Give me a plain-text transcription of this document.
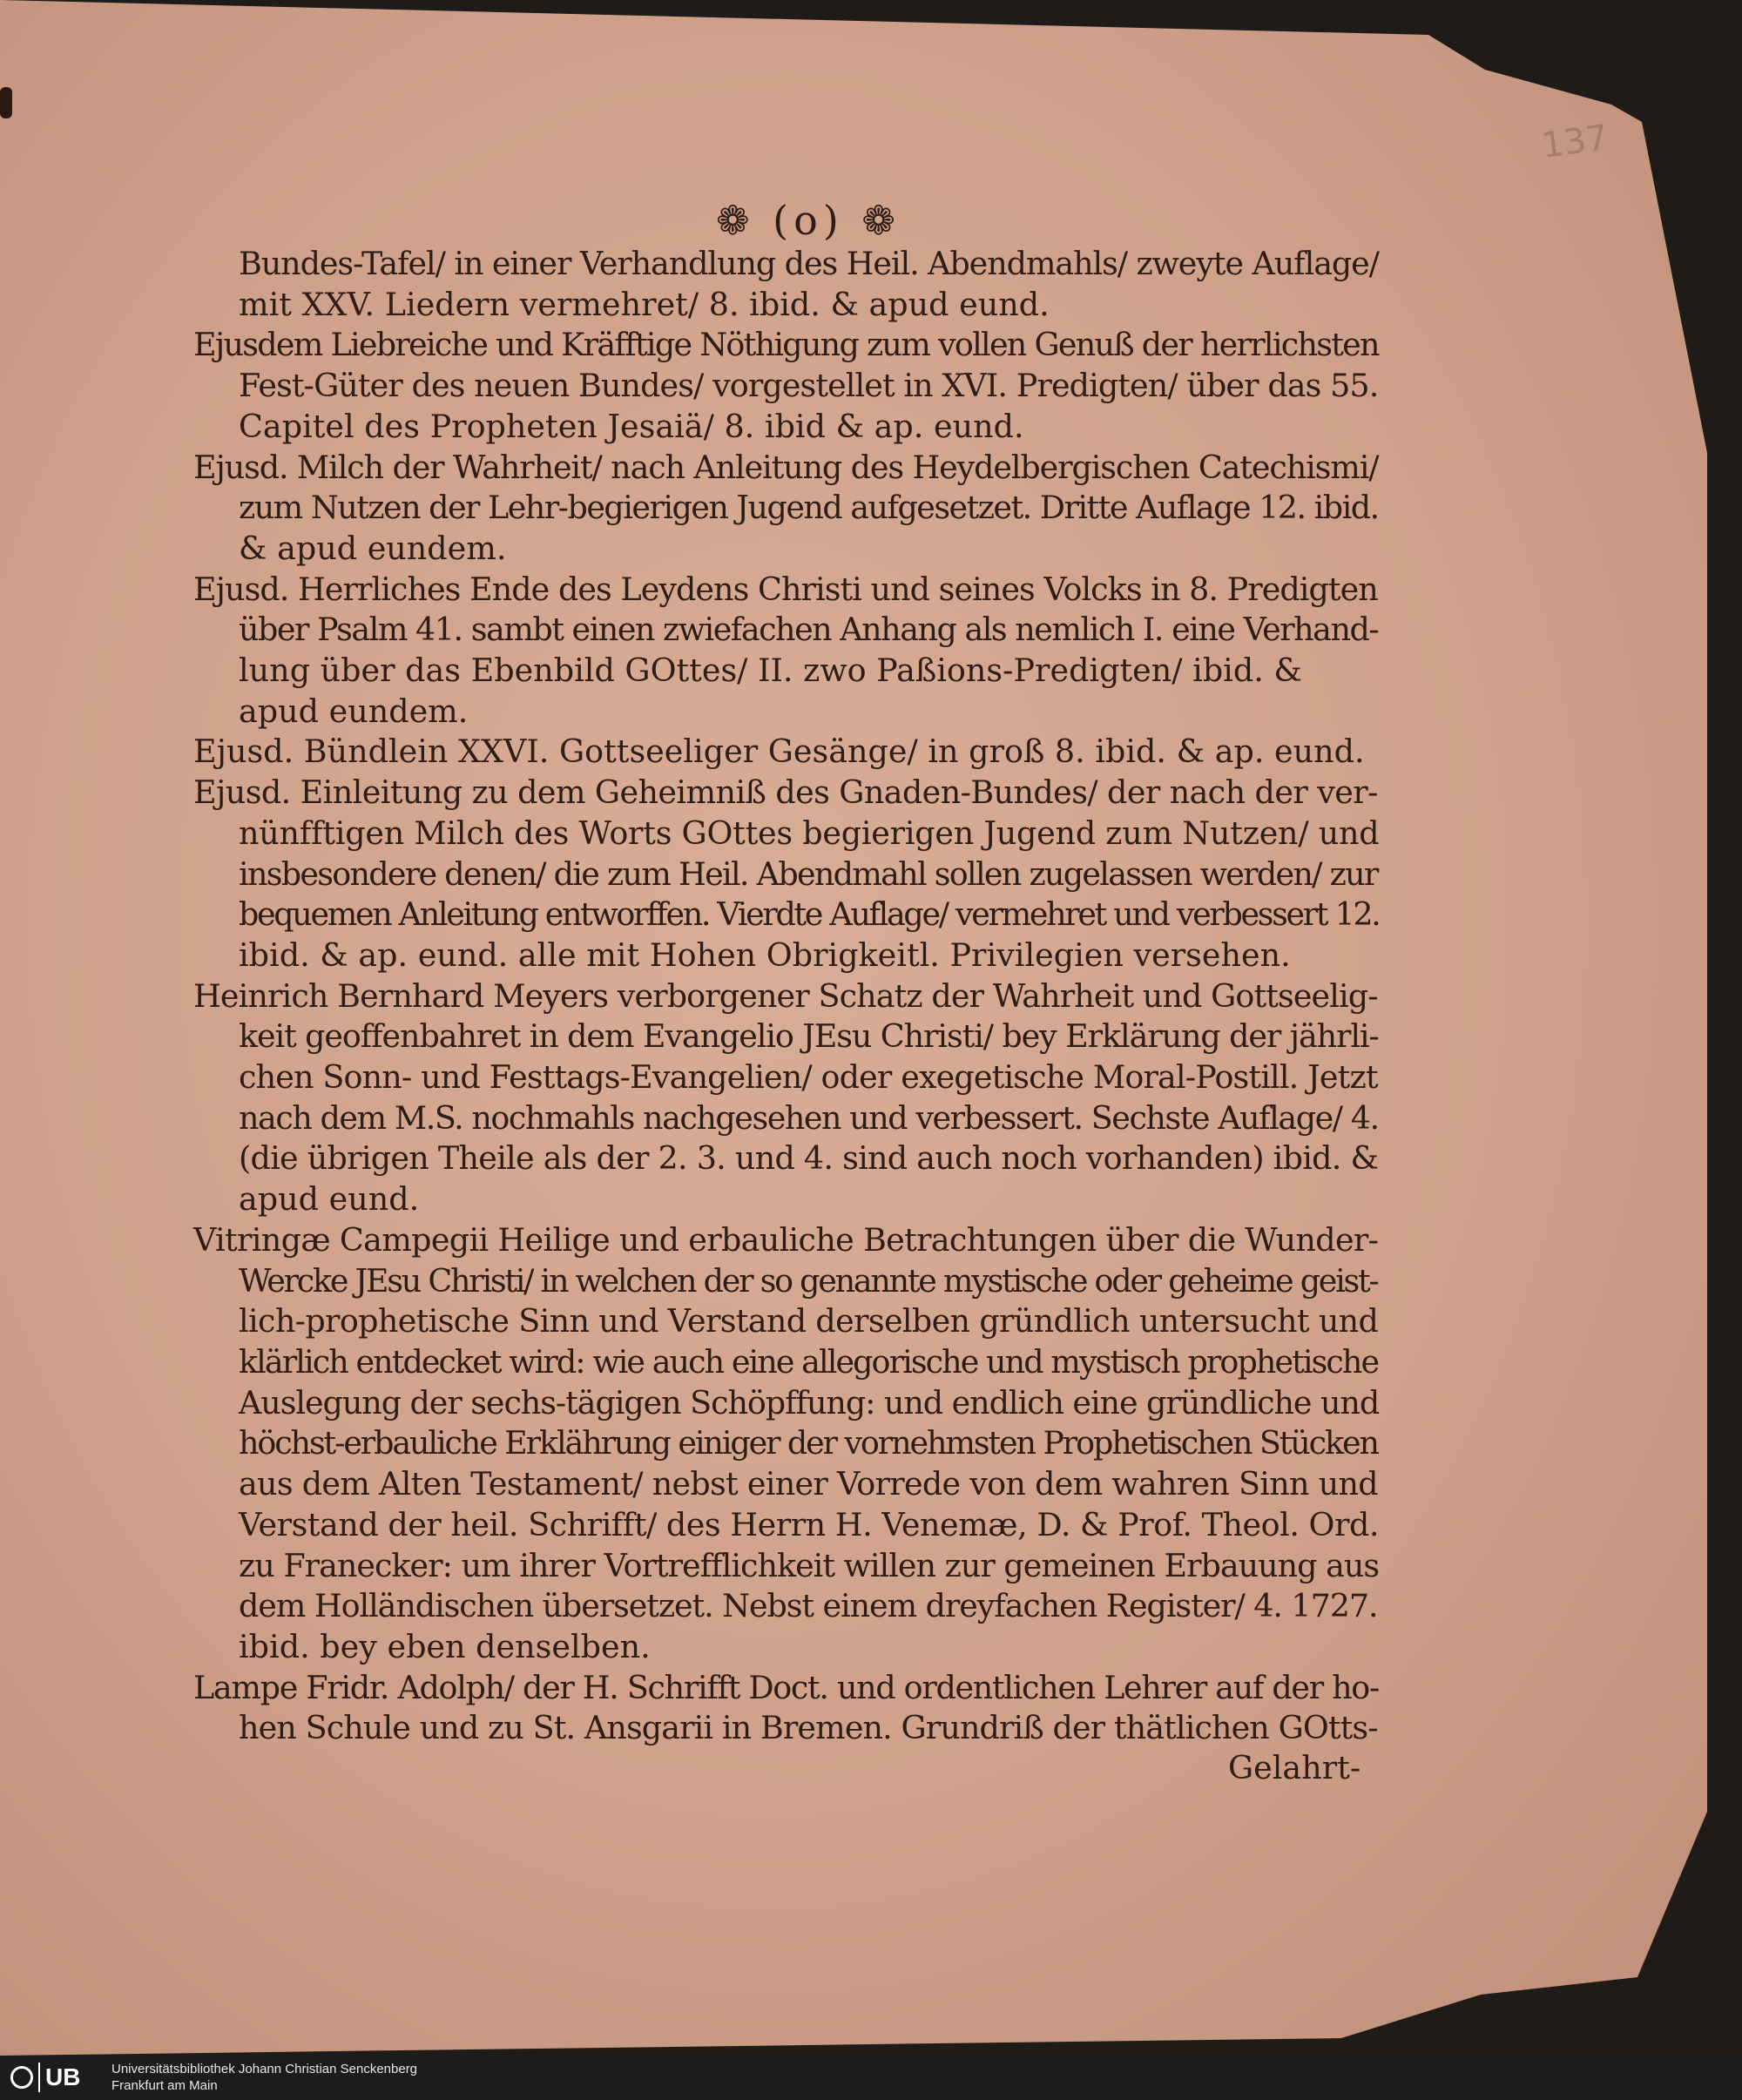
137
❁ (o) ❁
Bundes-Tafel/ in einer Verhandlung des Heil. Abendmahls/ zweyte Auflage/
mit XXV. Liedern vermehret/ 8. ibid. & apud eund.
Ejusdem Liebreiche und Kräfftige Nöthigung zum vollen Genuß der herrlichsten
Fest-Güter des neuen Bundes/ vorgestellet in XVI. Predigten/ über das 55.
Capitel des Propheten Jesaiä/ 8. ibid & ap. eund.
Ejusd. Milch der Wahrheit/ nach Anleitung des Heydelbergischen Catechismi/
zum Nutzen der Lehr-begierigen Jugend aufgesetzet. Dritte Auflage 12. ibid.
& apud eundem.
Ejusd. Herrliches Ende des Leydens Christi und seines Volcks in 8. Predigten
über Psalm 41. sambt einen zwiefachen Anhang als nemlich I. eine Verhand-
lung über das Ebenbild GOttes/ II. zwo Paßions-Predigten/ ibid. &
apud eundem.
Ejusd. Bündlein XXVI. Gottseeliger Gesänge/ in groß 8. ibid. & ap. eund.
Ejusd. Einleitung zu dem Geheimniß des Gnaden-Bundes/ der nach der ver-
nünfftigen Milch des Worts GOttes begierigen Jugend zum Nutzen/ und
insbesondere denen/ die zum Heil. Abendmahl sollen zugelassen werden/ zur
bequemen Anleitung entworffen. Vierdte Auflage/ vermehret und verbessert 12.
ibid. & ap. eund. alle mit Hohen Obrigkeitl. Privilegien versehen.
Heinrich Bernhard Meyers verborgener Schatz der Wahrheit und Gottseelig-
keit geoffenbahret in dem Evangelio JEsu Christi/ bey Erklärung der jährli-
chen Sonn- und Festtags-Evangelien/ oder exegetische Moral-Postill. Jetzt
nach dem M.S. nochmahls nachgesehen und verbessert. Sechste Auflage/ 4.
(die übrigen Theile als der 2. 3. und 4. sind auch noch vorhanden) ibid. &
apud eund.
Vitringæ Campegii Heilige und erbauliche Betrachtungen über die Wunder-
Wercke JEsu Christi/ in welchen der so genannte mystische oder geheime geist-
lich-prophetische Sinn und Verstand derselben gründlich untersucht und
klärlich entdecket wird: wie auch eine allegorische und mystisch prophetische
Auslegung der sechs-tägigen Schöpffung: und endlich eine gründliche und
höchst-erbauliche Erklährung einiger der vornehmsten Prophetischen Stücken
aus dem Alten Testament/ nebst einer Vorrede von dem wahren Sinn und
Verstand der heil. Schrifft/ des Herrn H. Venemæ, D. & Prof. Theol. Ord.
zu Franecker: um ihrer Vortrefflichkeit willen zur gemeinen Erbauung aus
dem Holländischen übersetzet. Nebst einem dreyfachen Register/ 4. 1727.
ibid. bey eben denselben.
Lampe Fridr. Adolph/ der H. Schrifft Doct. und ordentlichen Lehrer auf der ho-
hen Schule und zu St. Ansgarii in Bremen. Grundriß der thätlichen GOtts-
Gelahrt-
UB Universitätsbibliothek Johann Christian Senckenberg
Frankfurt am Main
